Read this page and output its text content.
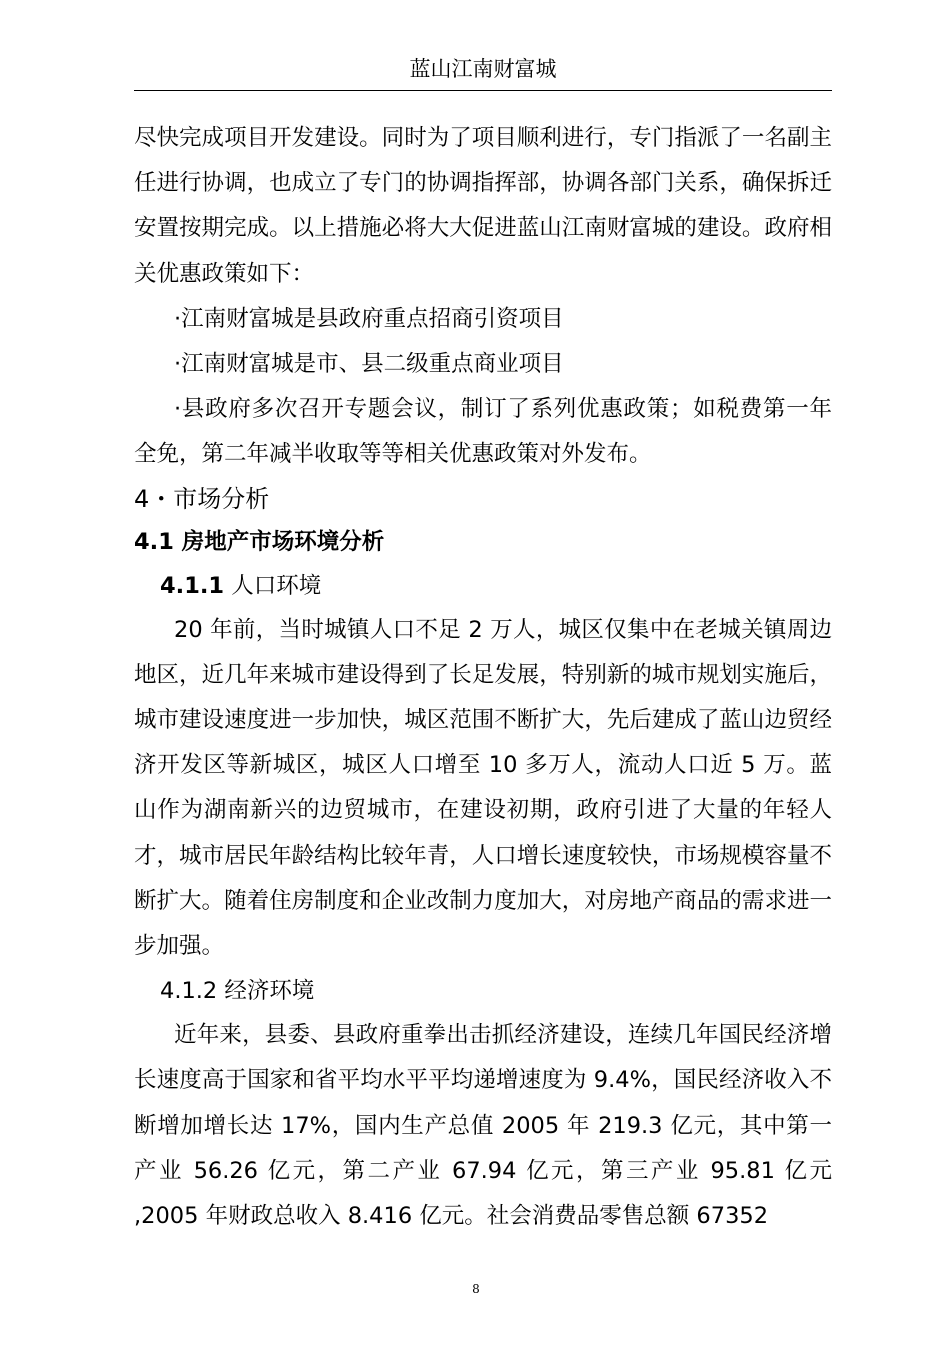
蓝山江南财富城

尽快完成项目开发建设。同时为了项目顺利进行，专门指派了一名副主任进行协调，也成立了专门的协调指挥部，协调各部门关系，确保拆迁安置按期完成。以上措施必将大大促进蓝山江南财富城的建设。政府相关优惠政策如下：

·江南财富城是县政府重点招商引资项目

·江南财富城是市、县二级重点商业项目

·县政府多次召开专题会议，制订了系列优惠政策；如税费第一年全免，第二年减半收取等等相关优惠政策对外发布。

4・市场分析

4.1 房地产市场环境分析

4.1.1 人口环境

20 年前，当时城镇人口不足 2 万人，城区仅集中在老城关镇周边地区，近几年来城市建设得到了长足发展，特别新的城市规划实施后，城市建设速度进一步加快，城区范围不断扩大，先后建成了蓝山边贸经济开发区等新城区，城区人口增至 10 多万人，流动人口近 5 万。蓝山作为湖南新兴的边贸城市，在建设初期，政府引进了大量的年轻人才，城市居民年龄结构比较年青，人口增长速度较快，市场规模容量不断扩大。随着住房制度和企业改制力度加大，对房地产商品的需求进一步加强。

4.1.2 经济环境

近年来，县委、县政府重拳出击抓经济建设，连续几年国民经济增长速度高于国家和省平均水平平均递增速度为 9.4%，国民经济收入不断增加增长达 17%，国内生产总值 2005 年 219.3 亿元，其中第一产业 56.26 亿元，第二产业 67.94 亿元，第三产业 95.81 亿元 ,2005 年财政总收入 8.416 亿元。社会消费品零售总额 67352

8
